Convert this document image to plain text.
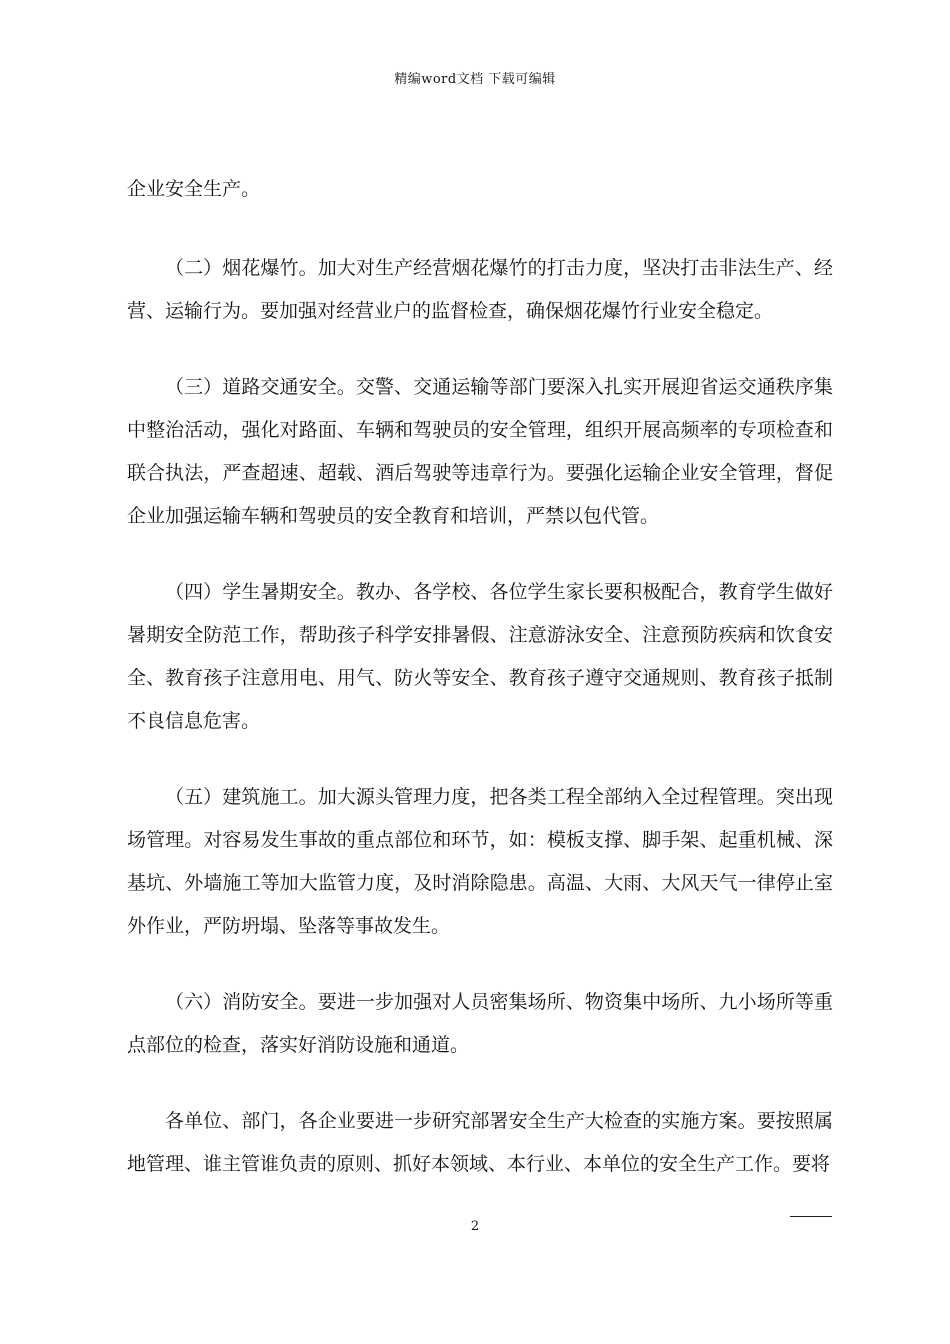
精编word文档 下载可编辑

企业安全生产。

（二）烟花爆竹。加大对生产经营烟花爆竹的打击力度，坚决打击非法生产、经营、运输行为。要加强对经营业户的监督检查，确保烟花爆竹行业安全稳定。

（三）道路交通安全。交警、交通运输等部门要深入扎实开展迎省运交通秩序集中整治活动，强化对路面、车辆和驾驶员的安全管理，组织开展高频率的专项检查和联合执法，严查超速、超载、酒后驾驶等违章行为。要强化运输企业安全管理，督促企业加强运输车辆和驾驶员的安全教育和培训，严禁以包代管。

（四）学生暑期安全。教办、各学校、各位学生家长要积极配合，教育学生做好暑期安全防范工作，帮助孩子科学安排暑假、注意游泳安全、注意预防疾病和饮食安全、教育孩子注意用电、用气、防火等安全、教育孩子遵守交通规则、教育孩子抵制不良信息危害。

（五）建筑施工。加大源头管理力度，把各类工程全部纳入全过程管理。突出现场管理。对容易发生事故的重点部位和环节，如：模板支撑、脚手架、起重机械、深基坑、外墙施工等加大监管力度，及时消除隐患。高温、大雨、大风天气一律停止室外作业，严防坍塌、坠落等事故发生。

（六）消防安全。要进一步加强对人员密集场所、物资集中场所、九小场所等重点部位的检查，落实好消防设施和通道。

各单位、部门，各企业要进一步研究部署安全生产大检查的实施方案。要按照属地管理、谁主管谁负责的原则、抓好本领域、本行业、本单位的安全生产工作。要将

2
